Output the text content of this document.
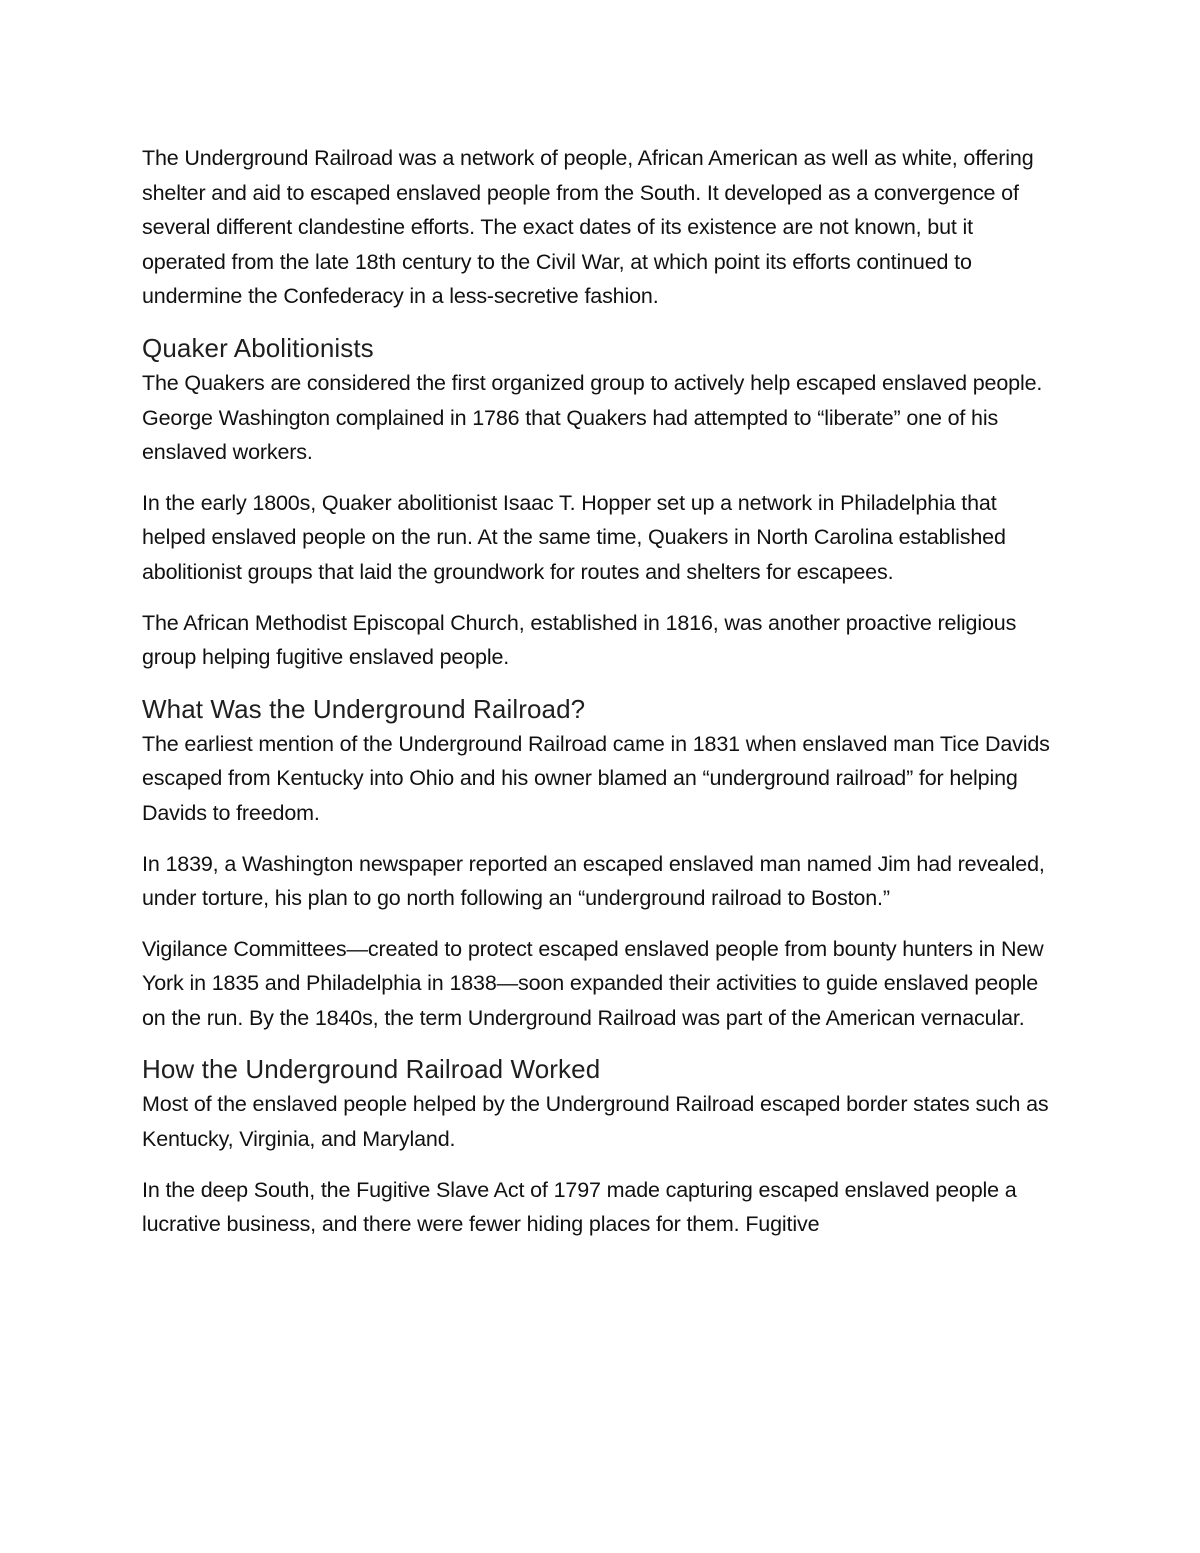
The Underground Railroad was a network of people, African American as well as white, offering shelter and aid to escaped enslaved people from the South. It developed as a convergence of several different clandestine efforts. The exact dates of its existence are not known, but it operated from the late 18th century to the Civil War, at which point its efforts continued to undermine the Confederacy in a less-secretive fashion.

Quaker Abolitionists

The Quakers are considered the first organized group to actively help escaped enslaved people. George Washington complained in 1786 that Quakers had attempted to “liberate” one of his enslaved workers.

In the early 1800s, Quaker abolitionist Isaac T. Hopper set up a network in Philadelphia that helped enslaved people on the run. At the same time, Quakers in North Carolina established abolitionist groups that laid the groundwork for routes and shelters for escapees.

The African Methodist Episcopal Church, established in 1816, was another proactive religious group helping fugitive enslaved people.

What Was the Underground Railroad?

The earliest mention of the Underground Railroad came in 1831 when enslaved man Tice Davids escaped from Kentucky into Ohio and his owner blamed an “underground railroad” for helping Davids to freedom.

In 1839, a Washington newspaper reported an escaped enslaved man named Jim had revealed, under torture, his plan to go north following an “underground railroad to Boston.”

Vigilance Committees—created to protect escaped enslaved people from bounty hunters in New York in 1835 and Philadelphia in 1838—soon expanded their activities to guide enslaved people on the run. By the 1840s, the term Underground Railroad was part of the American vernacular.

How the Underground Railroad Worked

Most of the enslaved people helped by the Underground Railroad escaped border states such as Kentucky, Virginia, and Maryland.

In the deep South, the Fugitive Slave Act of 1797 made capturing escaped enslaved people a lucrative business, and there were fewer hiding places for them. Fugitive
